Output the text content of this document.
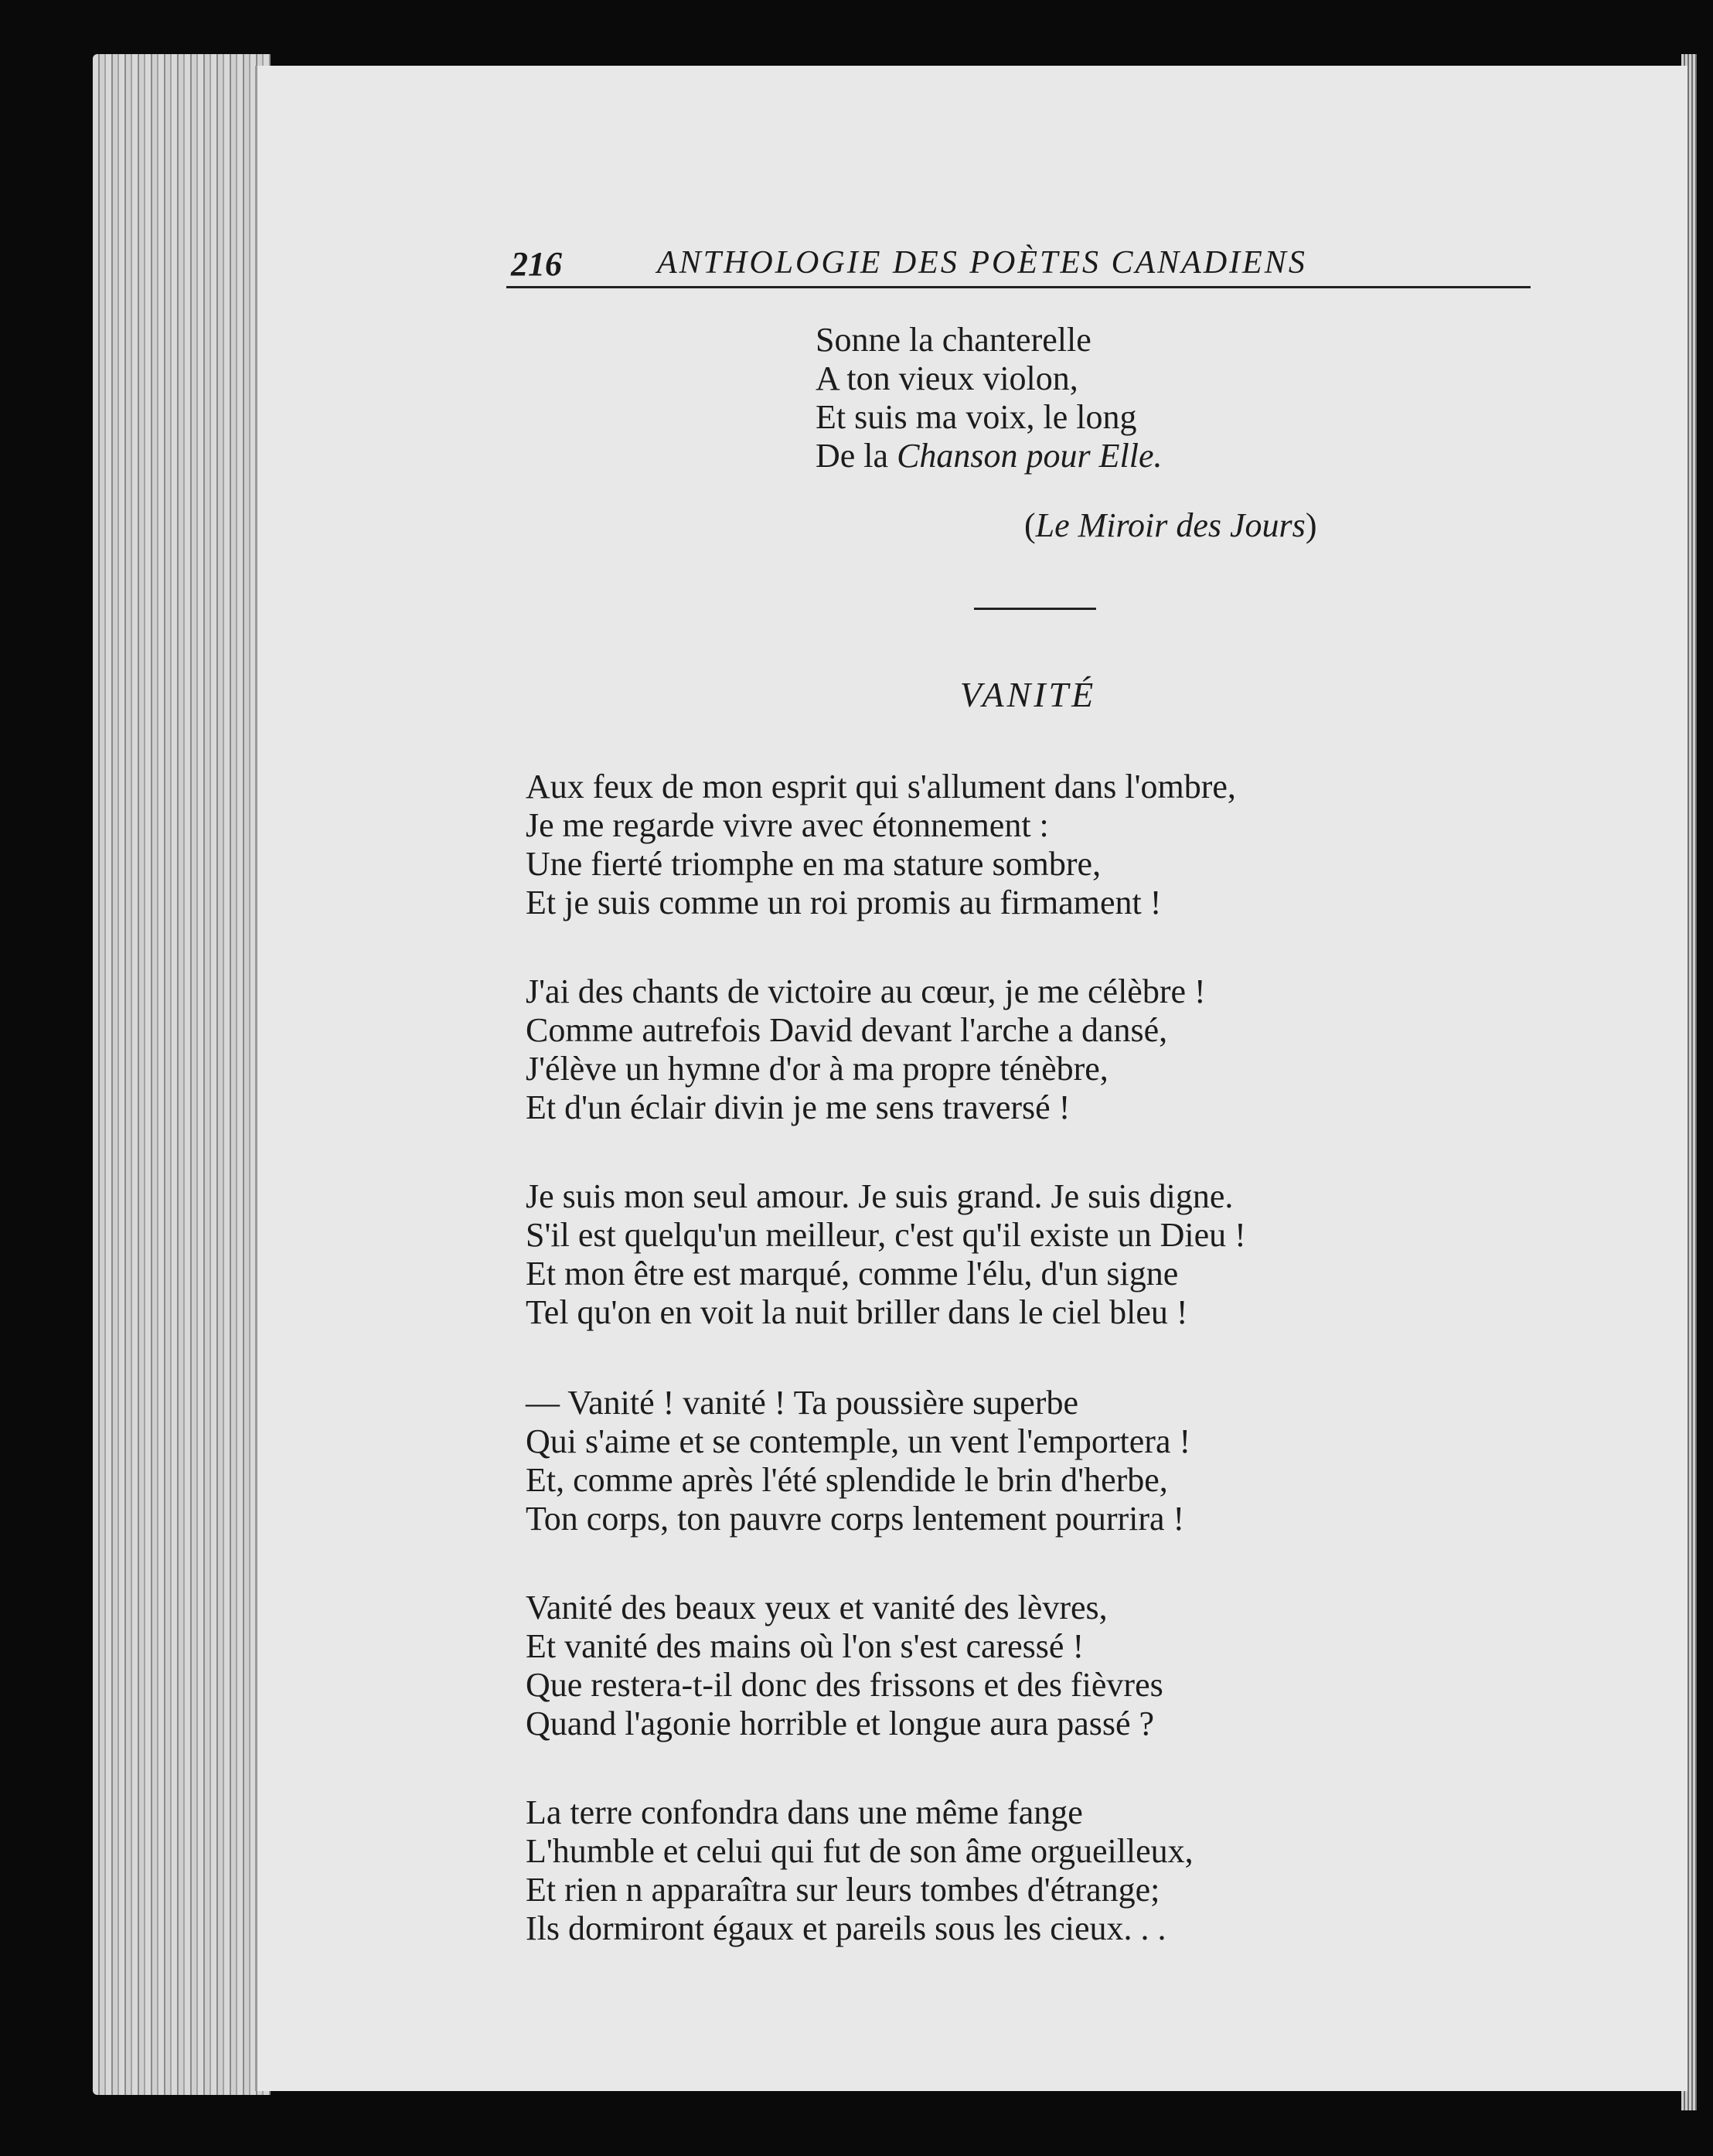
216	ANTHOLOGIE DES POÈTES CANADIENS
Sonne la chanterelle
A ton vieux violon,
Et suis ma voix, le long
De la Chanson pour Elle.
(Le Miroir des Jours)
VANITÉ
Aux feux de mon esprit qui s'allument dans l'ombre,
Je me regarde vivre avec étonnement :
Une fierté triomphe en ma stature sombre,
Et je suis comme un roi promis au firmament !
J'ai des chants de victoire au cœur, je me célèbre !
Comme autrefois David devant l'arche a dansé,
J'élève un hymne d'or à ma propre ténèbre,
Et d'un éclair divin je me sens traversé !
Je suis mon seul amour. Je suis grand. Je suis digne.
S'il est quelqu'un meilleur, c'est qu'il existe un Dieu !
Et mon être est marqué, comme l'élu, d'un signe
Tel qu'on en voit la nuit briller dans le ciel bleu !
— Vanité ! vanité ! Ta poussière superbe
Qui s'aime et se contemple, un vent l'emportera !
Et, comme après l'été splendide le brin d'herbe,
Ton corps, ton pauvre corps lentement pourrira !
Vanité des beaux yeux et vanité des lèvres,
Et vanité des mains où l'on s'est caressé !
Que restera-t-il donc des frissons et des fièvres
Quand l'agonie horrible et longue aura passé ?
La terre confondra dans une même fange
L'humble et celui qui fut de son âme orgueilleux,
Et rien n apparaîtra sur leurs tombes d'étrange;
Ils dormiront égaux et pareils sous les cieux. . .
